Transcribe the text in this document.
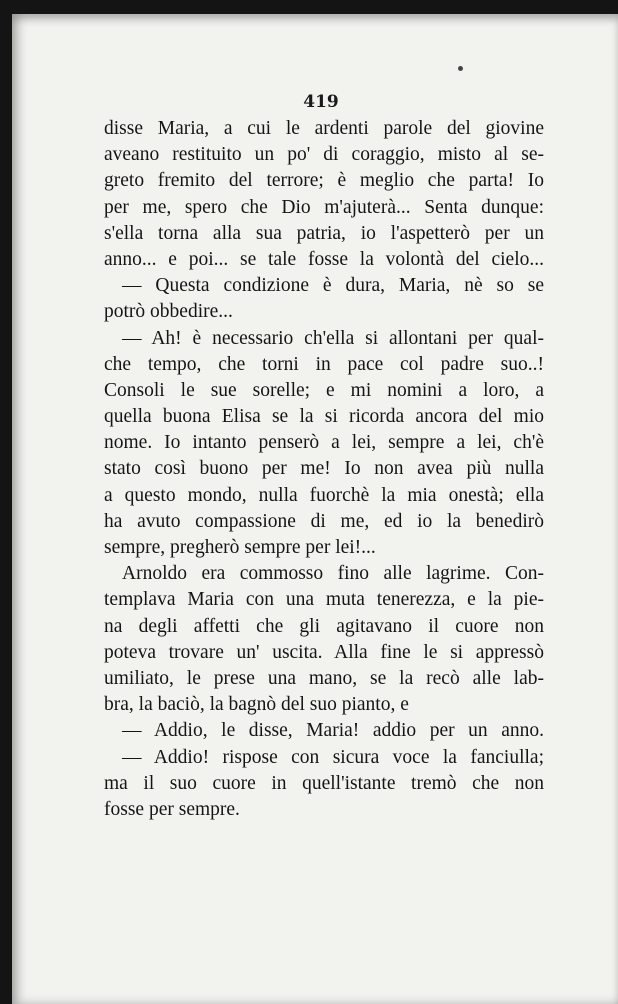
419
disse Maria, a cui le ardenti parole del giovine
aveano restituito un po' di coraggio, misto al se-
greto fremito del terrore; è meglio che parta! Io
per me, spero che Dio m'ajuterà... Senta dunque:
s'ella torna alla sua patria, io l'aspetterò per un
anno... e poi... se tale fosse la volontà del cielo...
— Questa condizione è dura, Maria, nè so se
potrò obbedire...
— Ah! è necessario ch'ella si allontani per qual-
che tempo, che torni in pace col padre suo..!
Consoli le sue sorelle; e mi nomini a loro, a
quella buona Elisa se la si ricorda ancora del mio
nome. Io intanto penserò a lei, sempre a lei, ch'è
stato così buono per me! Io non avea più nulla
a questo mondo, nulla fuorchè la mia onestà; ella
ha avuto compassione di me, ed io la benedirò
sempre, pregherò sempre per lei!...
Arnoldo era commosso fino alle lagrime. Con-
templava Maria con una muta tenerezza, e la pie-
na degli affetti che gli agitavano il cuore non
poteva trovare un' uscita. Alla fine le si appressò
umiliato, le prese una mano, se la recò alle lab-
bra, la baciò, la bagnò del suo pianto, e
— Addio, le disse, Maria! addio per un anno.
— Addio! rispose con sicura voce la fanciulla;
ma il suo cuore in quell'istante tremò che non
fosse per sempre.
